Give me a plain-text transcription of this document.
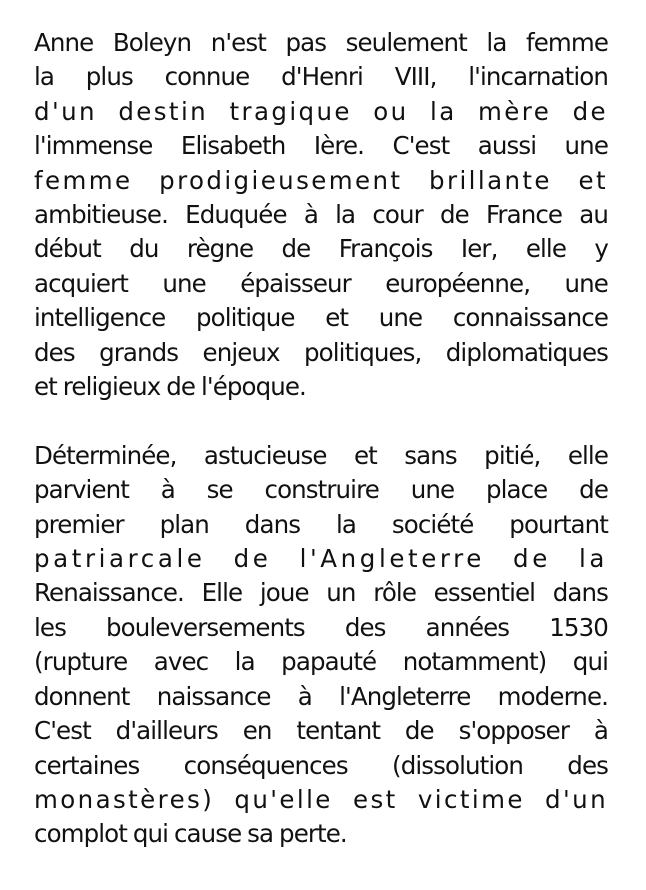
Anne Boleyn n'est pas seulement la femme
la plus connue d'Henri VIII, l'incarnation
d'un destin tragique ou la mère de
l'immense Elisabeth Ière. C'est aussi une
femme prodigieusement brillante et
ambitieuse. Eduquée à la cour de France au
début du règne de François Ier, elle y
acquiert une épaisseur européenne, une
intelligence politique et une connaissance
des grands enjeux politiques, diplomatiques
et religieux de l'époque.

Déterminée, astucieuse et sans pitié, elle
parvient à se construire une place de
premier plan dans la société pourtant
patriarcale de l'Angleterre de la
Renaissance. Elle joue un rôle essentiel dans
les bouleversements des années 1530
(rupture avec la papauté notamment) qui
donnent naissance à l'Angleterre moderne.
C'est d'ailleurs en tentant de s'opposer à
certaines conséquences (dissolution des
monastères) qu'elle est victime d'un
complot qui cause sa perte.
